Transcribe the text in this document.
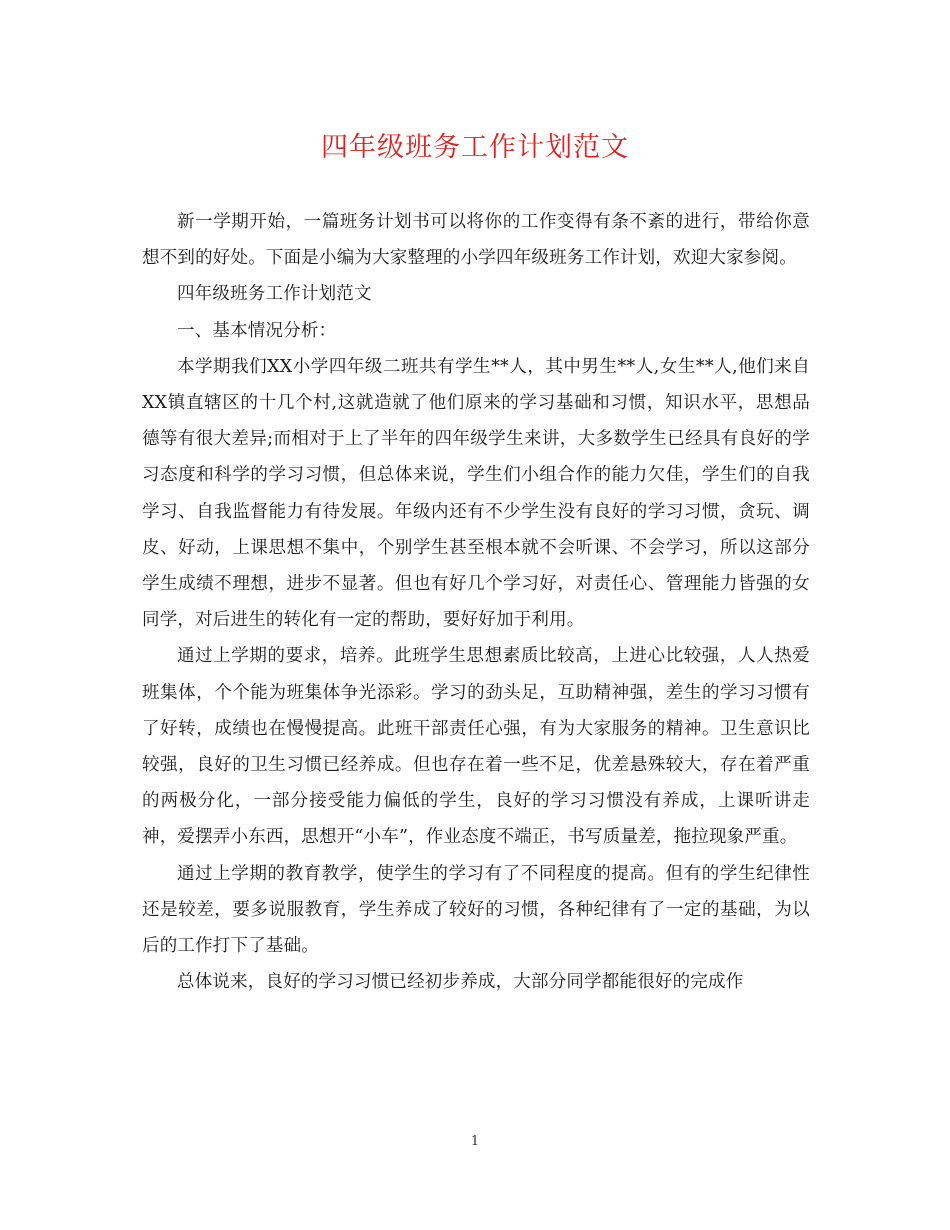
四年级班务工作计划范文

新一学期开始，一篇班务计划书可以将你的工作变得有条不紊的进行，带给你意想不到的好处。下面是小编为大家整理的小学四年级班务工作计划，欢迎大家参阅。

四年级班务工作计划范文

一、基本情况分析：

本学期我们XX小学四年级二班共有学生**人，其中男生**人,女生**人,他们来自XX镇直辖区的十几个村,这就造就了他们原来的学习基础和习惯，知识水平，思想品德等有很大差异;而相对于上了半年的四年级学生来讲，大多数学生已经具有良好的学习态度和科学的学习习惯，但总体来说，学生们小组合作的能力欠佳，学生们的自我学习、自我监督能力有待发展。年级内还有不少学生没有良好的学习习惯，贪玩、调皮、好动，上课思想不集中，个别学生甚至根本就不会听课、不会学习，所以这部分学生成绩不理想，进步不显著。但也有好几个学习好，对责任心、管理能力皆强的女同学，对后进生的转化有一定的帮助，要好好加于利用。

通过上学期的要求，培养。此班学生思想素质比较高，上进心比较强，人人热爱班集体，个个能为班集体争光添彩。学习的劲头足，互助精神强，差生的学习习惯有了好转，成绩也在慢慢提高。此班干部责任心强，有为大家服务的精神。卫生意识比较强，良好的卫生习惯已经养成。但也存在着一些不足，优差悬殊较大，存在着严重的两极分化，一部分接受能力偏低的学生，良好的学习习惯没有养成，上课听讲走神，爱摆弄小东西，思想开“小车”，作业态度不端正，书写质量差，拖拉现象严重。

通过上学期的教育教学，使学生的学习有了不同程度的提高。但有的学生纪律性还是较差，要多说服教育，学生养成了较好的习惯，各种纪律有了一定的基础，为以后的工作打下了基础。

总体说来，良好的学习习惯已经初步养成，大部分同学都能很好的完成作

1
